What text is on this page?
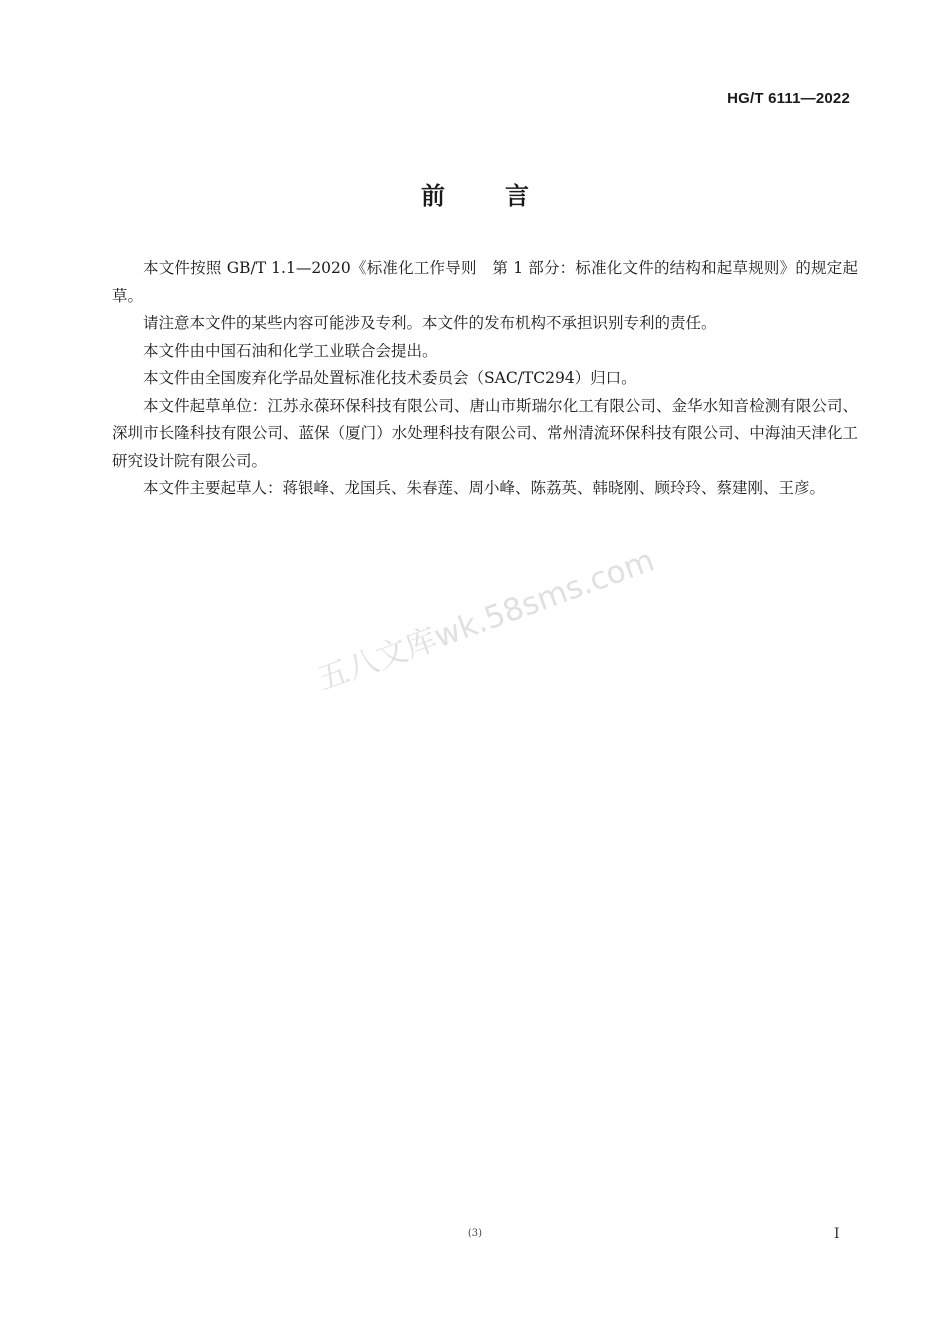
HG/T 6111—2022
前言

本文件按照 GB/T 1.1—2020《标准化工作导则　第 1 部分：标准化文件的结构和起草规则》的规定起草。

请注意本文件的某些内容可能涉及专利。本文件的发布机构不承担识别专利的责任。

本文件由中国石油和化学工业联合会提出。

本文件由全国废弃化学品处置标准化技术委员会（SAC/TC294）归口。

本文件起草单位：江苏永葆环保科技有限公司、唐山市斯瑞尔化工有限公司、金华水知音检测有限公司、深圳市长隆科技有限公司、蓝保（厦门）水处理科技有限公司、常州清流环保科技有限公司、中海油天津化工研究设计院有限公司。

本文件主要起草人：蒋银峰、龙国兵、朱春莲、周小峰、陈荔英、韩晓刚、顾玲玲、蔡建刚、王彦。

五八文库wk.58sms.com
(3)	I
